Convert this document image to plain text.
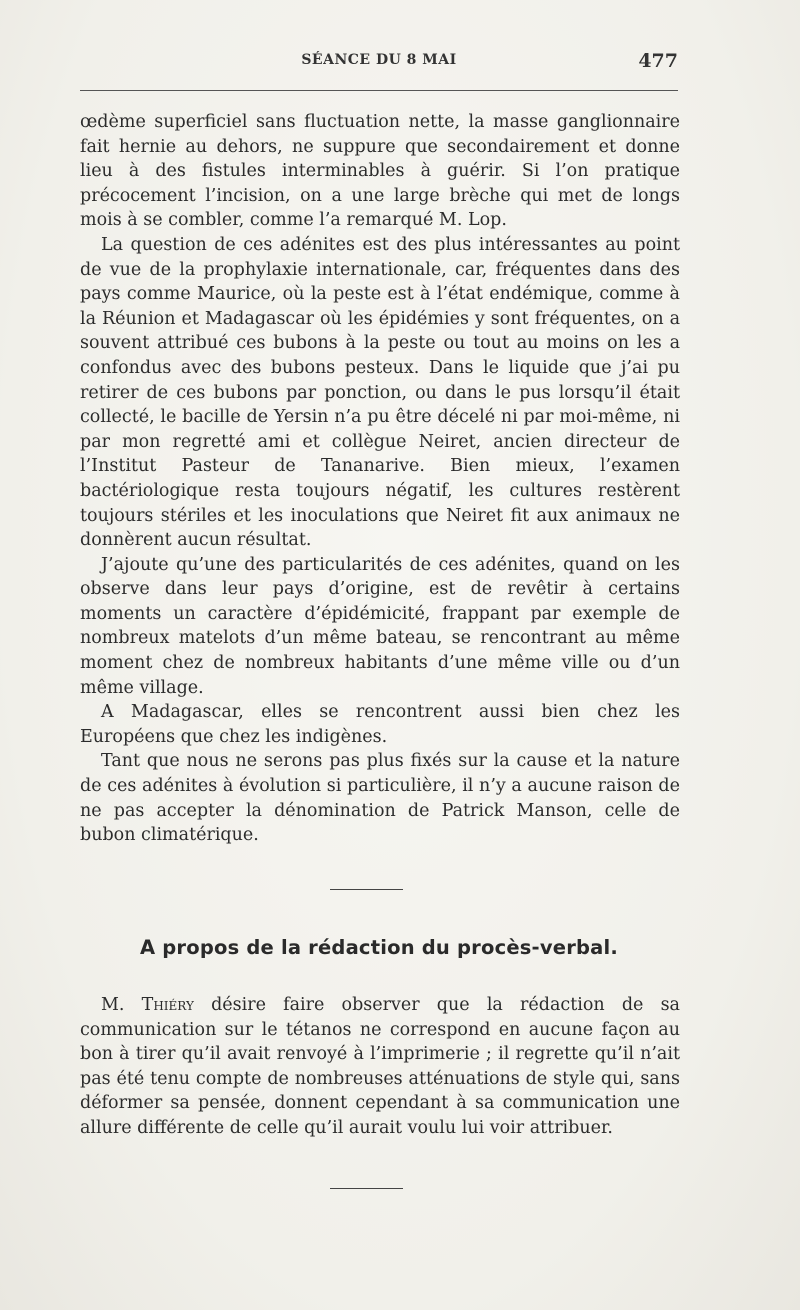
SÉANCE DU 8 MAI	477

œdème superficiel sans fluctuation nette, la masse ganglionnaire fait hernie au dehors, ne suppure que secondairement et donne lieu à des fistules interminables à guérir. Si l’on pratique précocement l’incision, on a une large brèche qui met de longs mois à se combler, comme l’a remarqué M. Lop.

La question de ces adénites est des plus intéressantes au point de vue de la prophylaxie internationale, car, fréquentes dans des pays comme Maurice, où la peste est à l’état endémique, comme à la Réunion et Madagascar où les épidémies y sont fréquentes, on a souvent attribué ces bubons à la peste ou tout au moins on les a confondus avec des bubons pesteux. Dans le liquide que j’ai pu retirer de ces bubons par ponction, ou dans le pus lorsqu’il était collecté, le bacille de Yersin n’a pu être décelé ni par moi-même, ni par mon regretté ami et collègue Neiret, ancien directeur de l’Institut Pasteur de Tananarive. Bien mieux, l’examen bactériologique resta toujours négatif, les cultures restèrent toujours stériles et les inoculations que Neiret fit aux animaux ne donnèrent aucun résultat.

J’ajoute qu’une des particularités de ces adénites, quand on les observe dans leur pays d’origine, est de revêtir à certains moments un caractère d’épidémicité, frappant par exemple de nombreux matelots d’un même bateau, se rencontrant au même moment chez de nombreux habitants d’une même ville ou d’un même village.

A Madagascar, elles se rencontrent aussi bien chez les Européens que chez les indigènes.

Tant que nous ne serons pas plus fixés sur la cause et la nature de ces adénites à évolution si particulière, il n’y a aucune raison de ne pas accepter la dénomination de Patrick Manson, celle de bubon climatérique.

A propos de la rédaction du procès-verbal.

M. Thiéry désire faire observer que la rédaction de sa communication sur le tétanos ne correspond en aucune façon au bon à tirer qu’il avait renvoyé à l’imprimerie ; il regrette qu’il n’ait pas été tenu compte de nombreuses atténuations de style qui, sans déformer sa pensée, donnent cependant à sa communication une allure différente de celle qu’il aurait voulu lui voir attribuer.
